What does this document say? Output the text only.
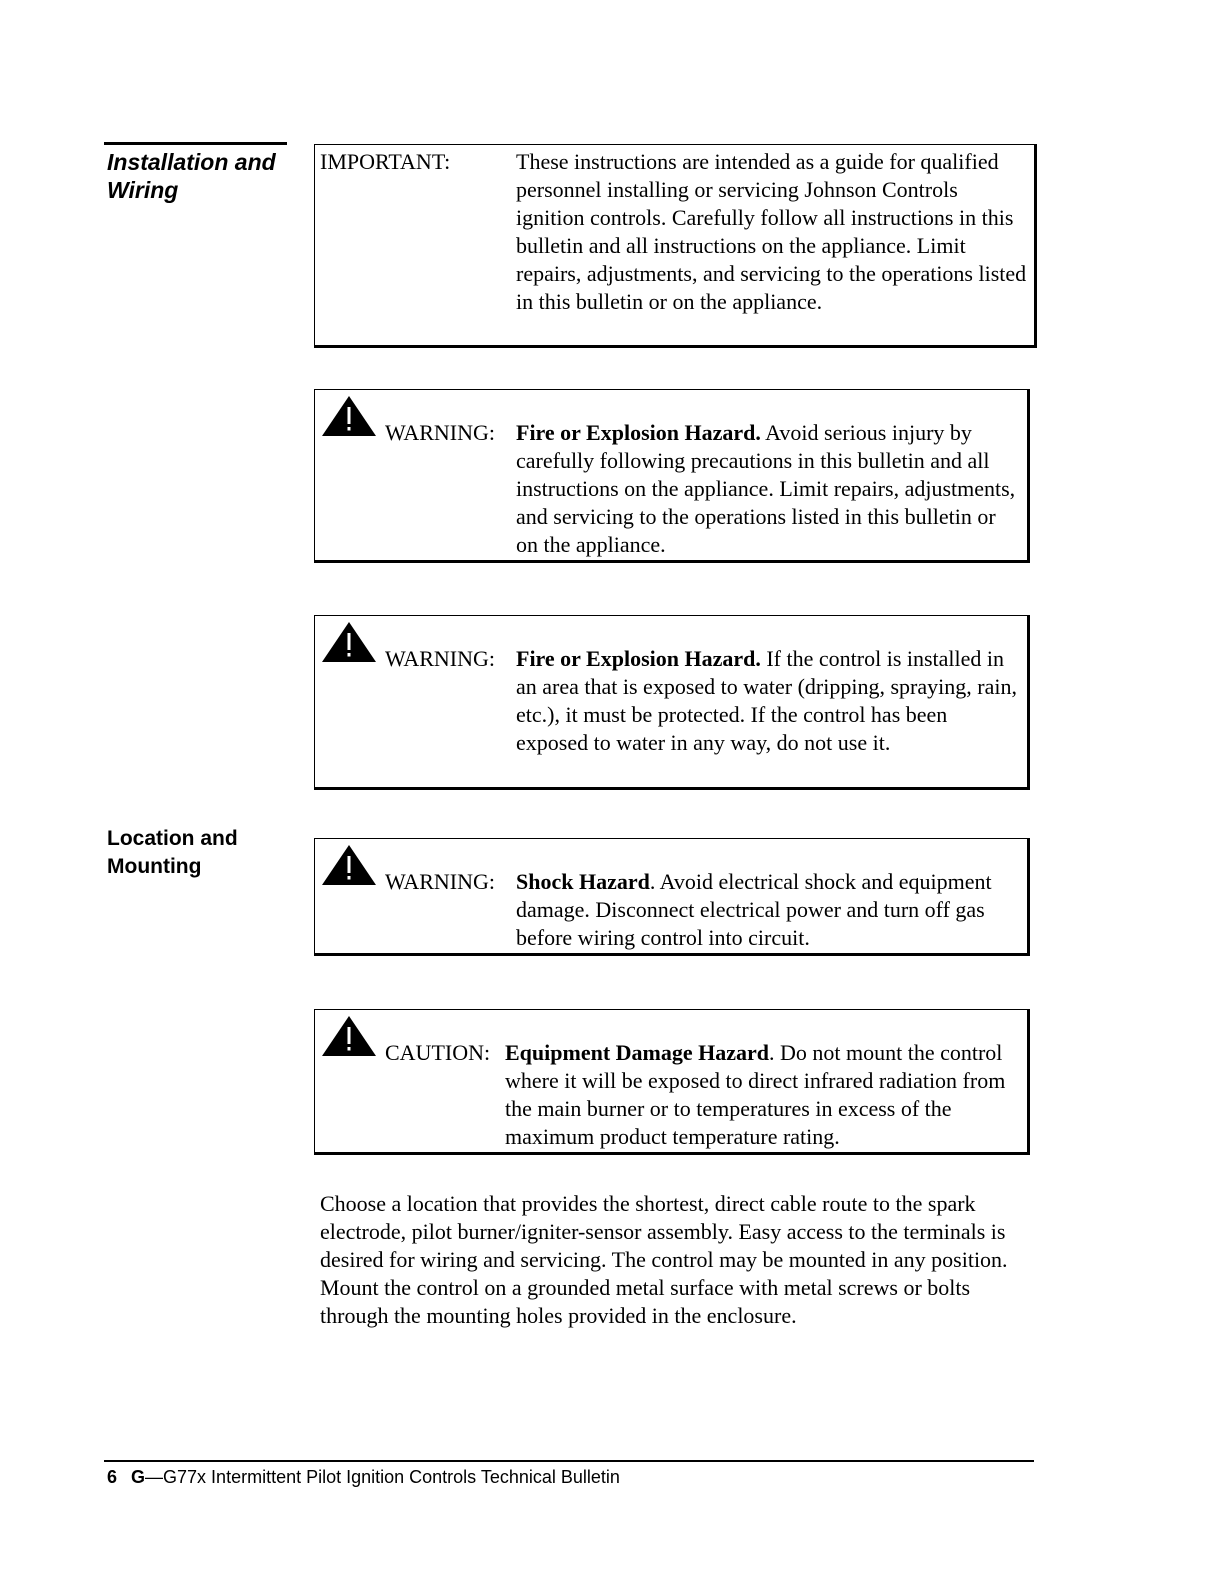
Installation and
Wiring
IMPORTANT:	These instructions are intended as a guide for qualified personnel installing or servicing Johnson Controls ignition controls. Carefully follow all instructions in this bulletin and all instructions on the appliance. Limit repairs, adjustments, and servicing to the operations listed in this bulletin or on the appliance.
WARNING: Fire or Explosion Hazard. Avoid serious injury by carefully following precautions in this bulletin and all instructions on the appliance. Limit repairs, adjustments, and servicing to the operations listed in this bulletin or on the appliance.
WARNING: Fire or Explosion Hazard. If the control is installed in an area that is exposed to water (dripping, spraying, rain, etc.), it must be protected. If the control has been exposed to water in any way, do not use it.
Location and
Mounting
WARNING: Shock Hazard. Avoid electrical shock and equipment damage. Disconnect electrical power and turn off gas before wiring control into circuit.
CAUTION: Equipment Damage Hazard. Do not mount the control where it will be exposed to direct infrared radiation from the main burner or to temperatures in excess of the maximum product temperature rating.
Choose a location that provides the shortest, direct cable route to the spark electrode, pilot burner/igniter-sensor assembly. Easy access to the terminals is desired for wiring and servicing. The control may be mounted in any position. Mount the control on a grounded metal surface with metal screws or bolts through the mounting holes provided in the enclosure.
6 G—G77x Intermittent Pilot Ignition Controls Technical Bulletin
